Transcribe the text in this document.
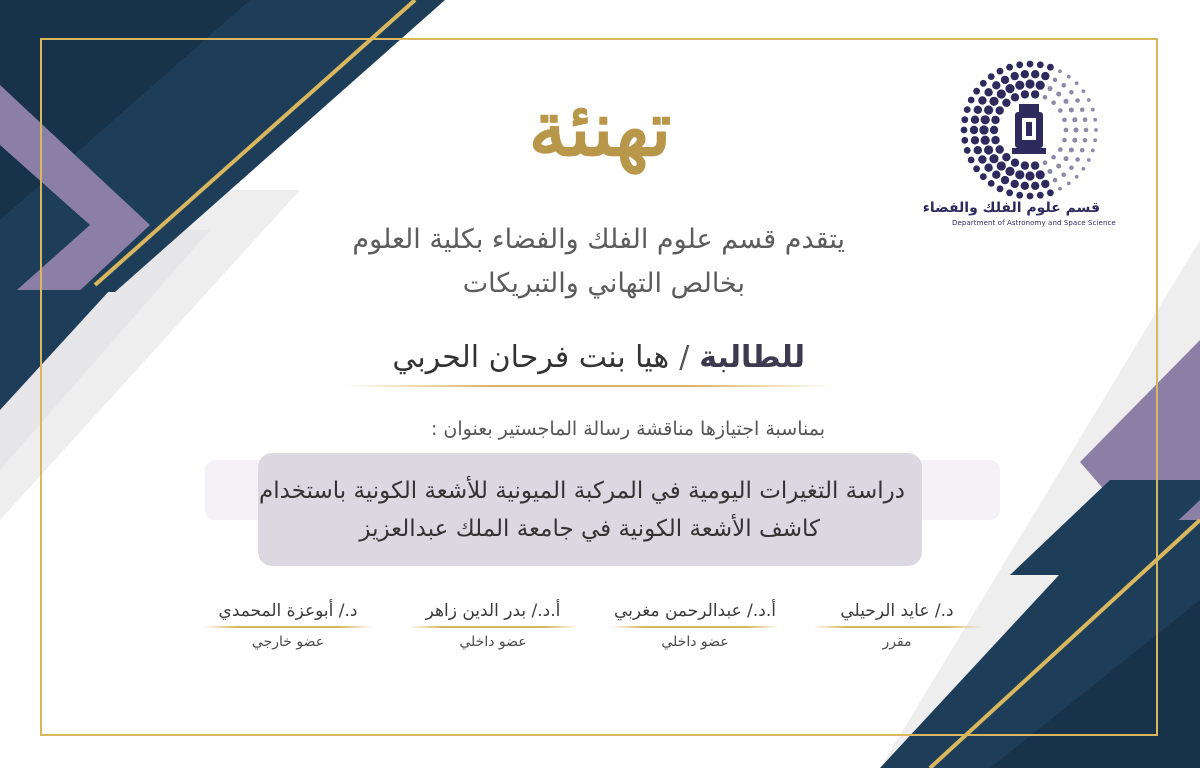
قسم علوم الفلك والفضاء
Department of Astronomy and Space Science
تهنئة
يتقدم قسم علوم الفلك والفضاء بكلية العلوم
بخالص التهاني والتبريكات
للطالبة/هيا بنت فرحان الحربي
بمناسبة اجتيازها مناقشة رسالة الماجستير بعنوان :
دراسة التغيرات اليومية في المركبة الميونية للأشعة الكونية باستخدام
كاشف الأشعة الكونية في جامعة الملك عبدالعزيز
د./ عايد الرحيلي
مقرر
أ.د./ عبدالرحمن مغربي
عضو داخلي
أ.د./ بدر الدين زاهر
عضو داخلي
د./ أبوعزة المحمدي
عضو خارجي
